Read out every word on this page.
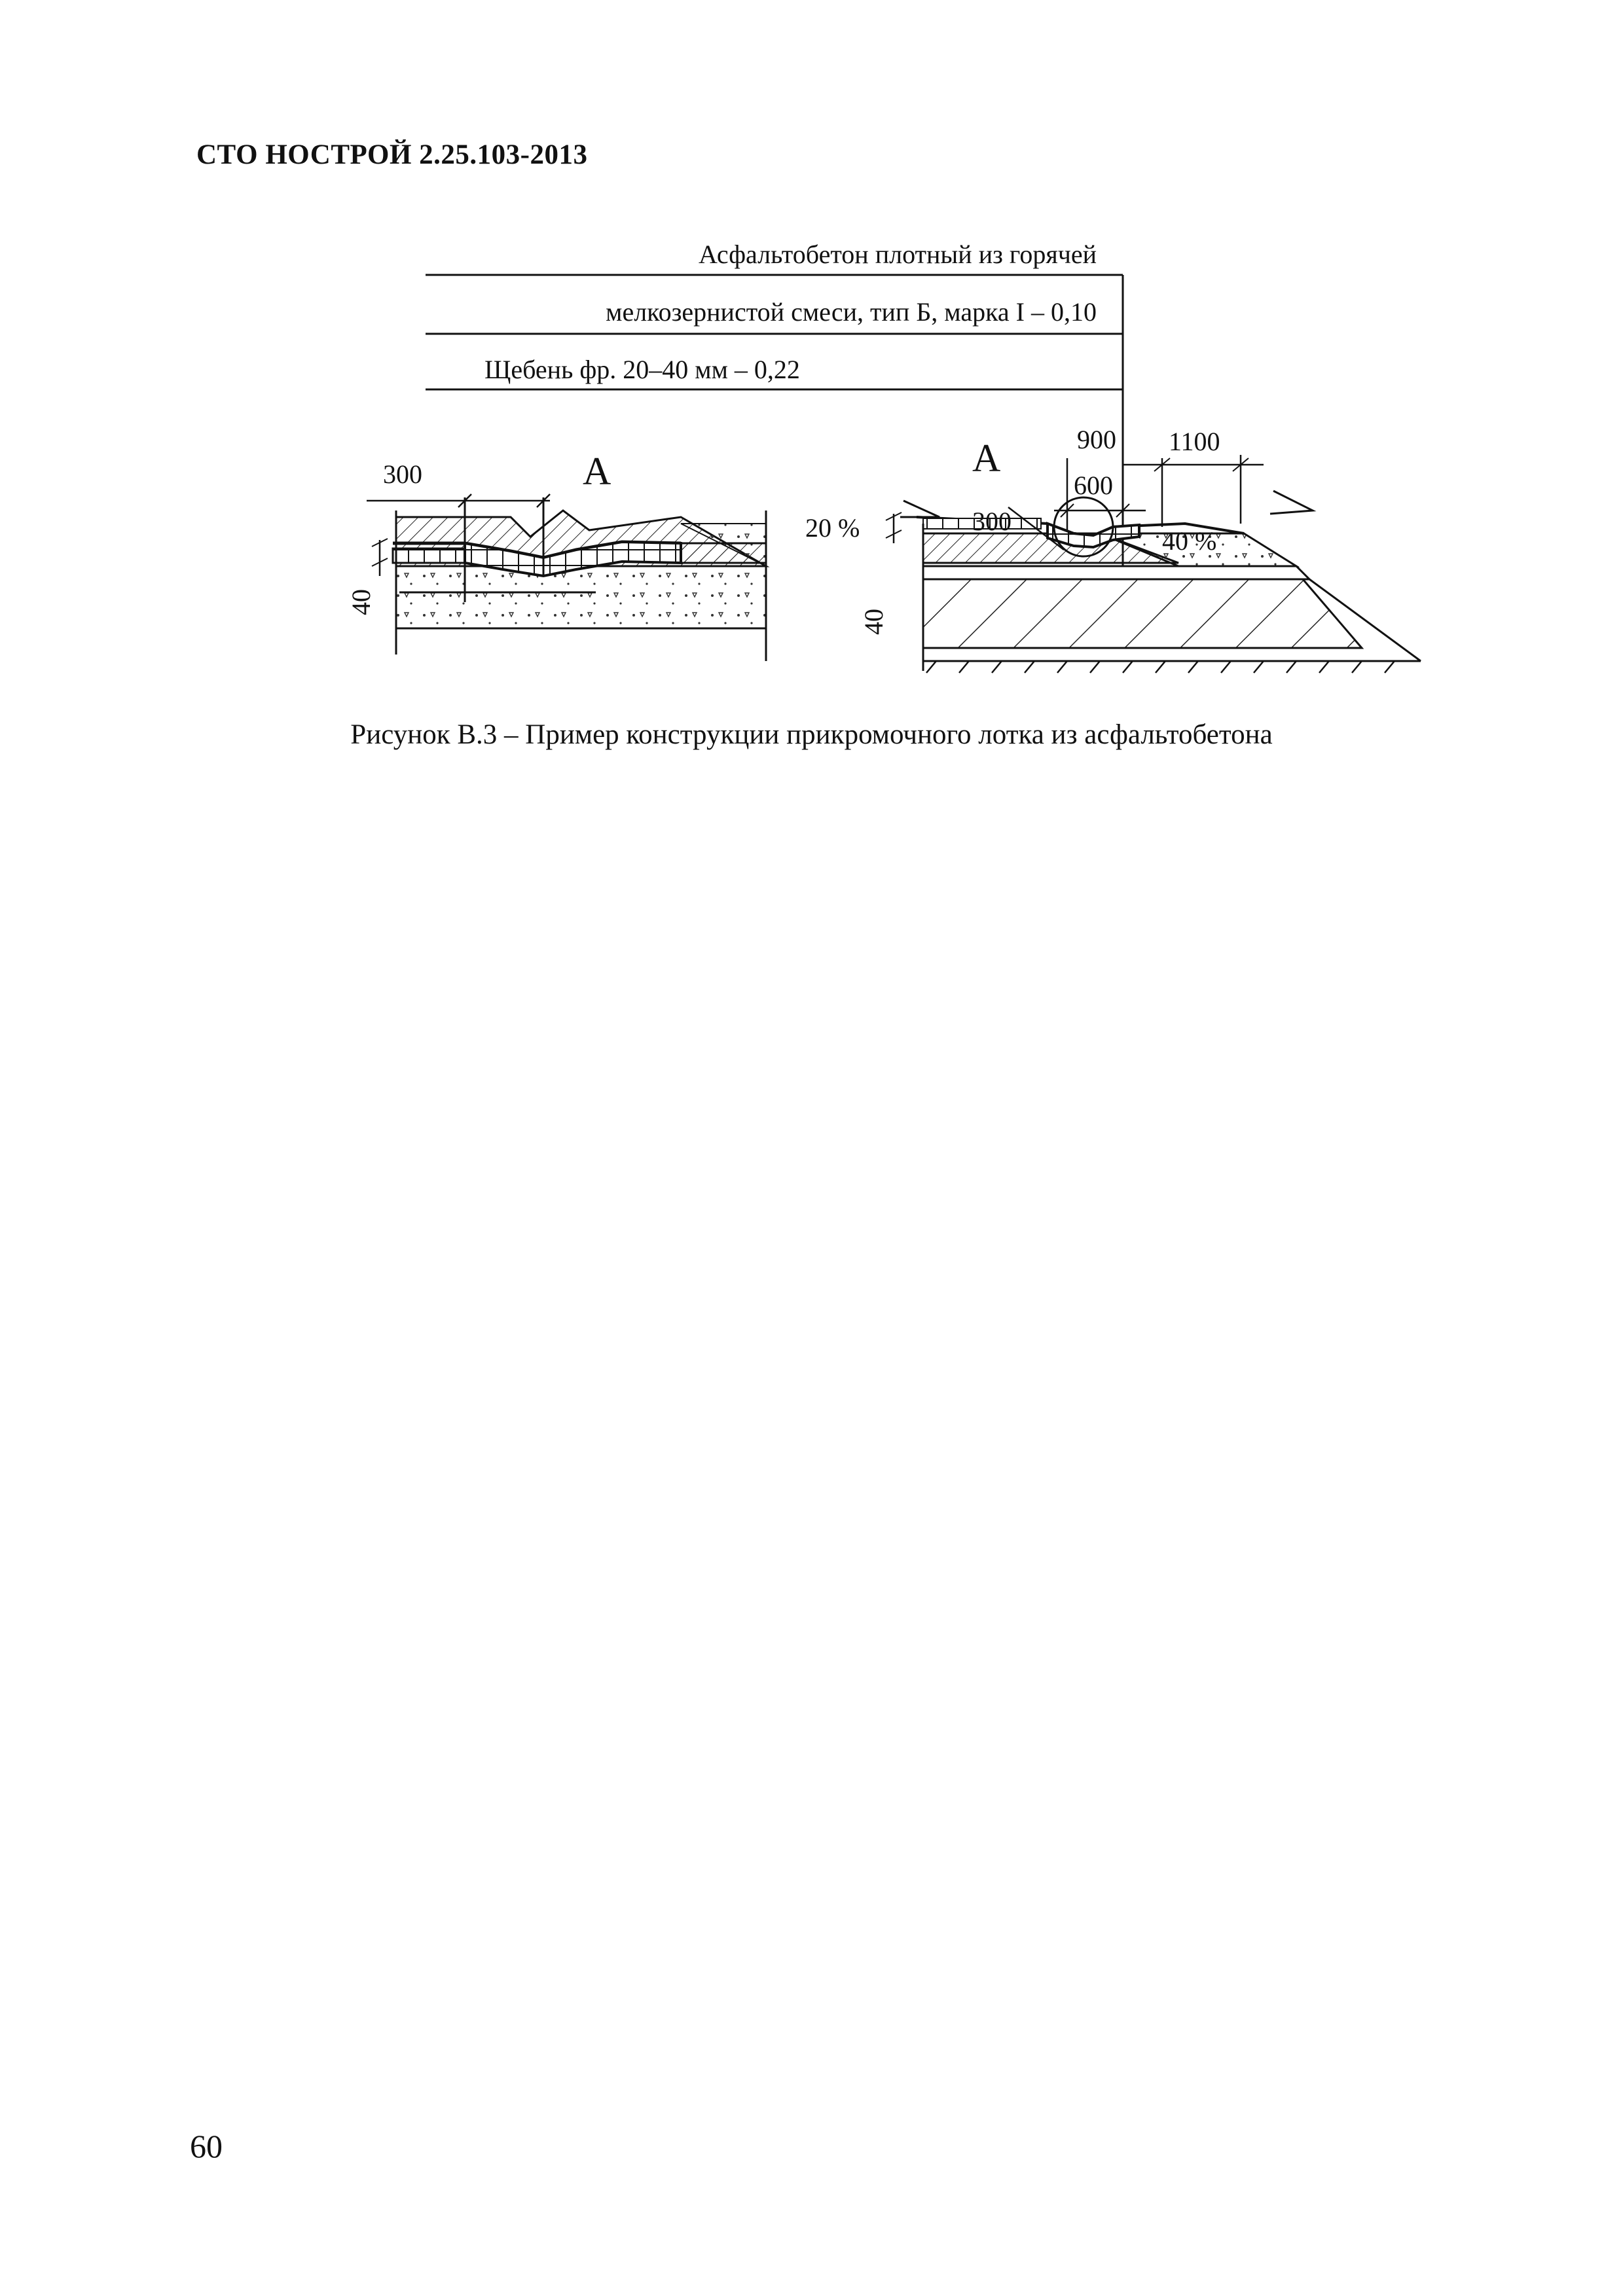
СТО НОСТРОЙ 2.25.103-2013
Асфальтобетон плотный из горячей
мелкозернистой смеси, тип Б, марка I – 0,10
Щебень фр. 20–40 мм – 0,22
300	А
40
20 %	40 %
900 1100
600
300
А
40
Рисунок В.3 – Пример конструкции прикромочного лотка из асфальтобетона
60
